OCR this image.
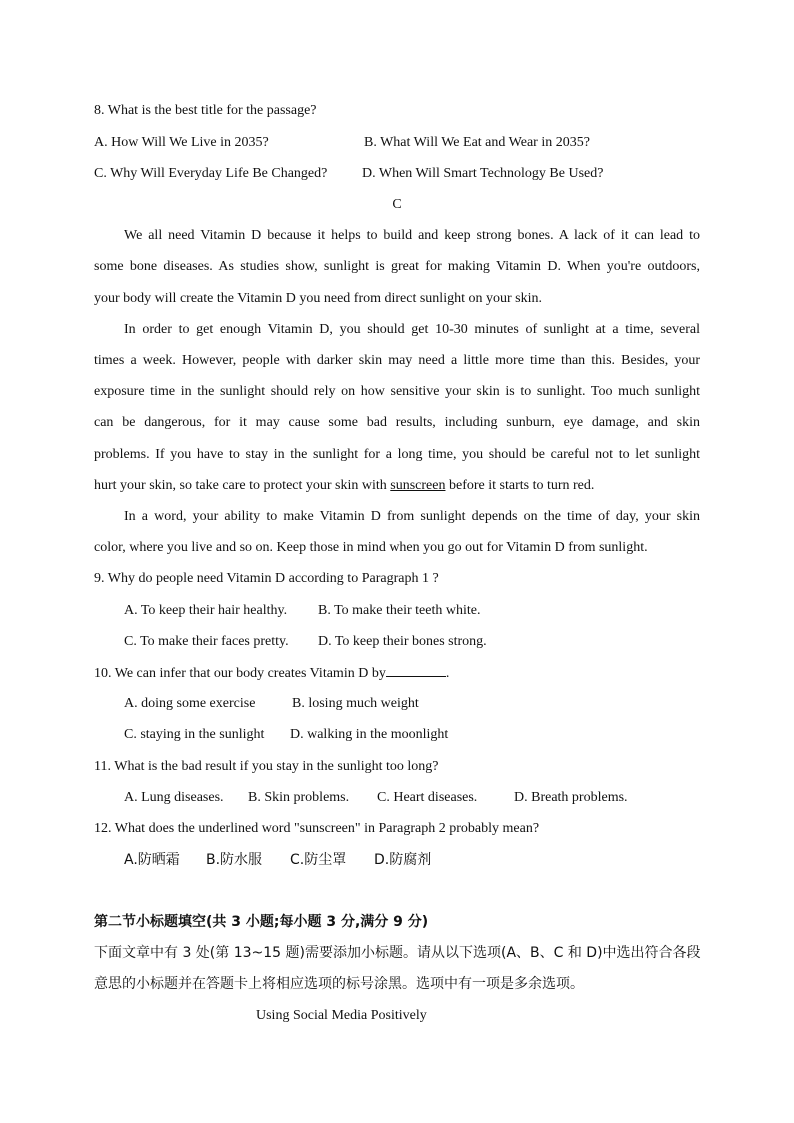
8. What is the best title for the passage?
A. How Will We Live in 2035?	B. What Will We Eat and Wear in 2035?
C. Why Will Everyday Life Be Changed? D. When Will Smart Technology Be Used?
C
We all need Vitamin D because it helps to build and keep strong bones. A lack of it can lead to
some bone diseases. As studies show, sunlight is great for making Vitamin D. When you're outdoors,
your body will create the Vitamin D you need from direct sunlight on your skin.
In order to get enough Vitamin D, you should get 10-30 minutes of sunlight at a time, several
times a week. However, people with darker skin may need a little more time than this. Besides, your
exposure time in the sunlight should rely on how sensitive your skin is to sunlight. Too much sunlight
can be dangerous, for it may cause some bad results, including sunburn, eye damage, and skin
problems. If you have to stay in the sunlight for a long time, you should be careful not to let sunlight
hurt your skin, so take care to protect your skin with sunscreen before it starts to turn red.
In a word, your ability to make Vitamin D from sunlight depends on the time of day, your skin
color, where you live and so on. Keep those in mind when you go out for Vitamin D from sunlight.
9. Why do people need Vitamin D according to Paragraph 1 ?
A. To keep their hair healthy. B. To make their teeth white.
C. To make their faces pretty. D. To keep their bones strong.
10. We can infer that our body creates Vitamin D by	.
A. doing some exercise	B. losing much weight
C. staying in the sunlight D. walking in the moonlight
11. What is the bad result if you stay in the sunlight too long?
A. Lung diseases. B. Skin problems. C. Heart diseases.	D. Breath problems.
12. What does the underlined word "sunscreen" in Paragraph 2 probably mean?
A.防晒霜 B.防水服 C.防尘罩 D.防腐剂
第二节小标题填空(共 3 小题;每小题 3 分,满分 9 分)
下面文章中有 3 处(第 13~15 题)需要添加小标题。请从以下选项(A、B、C 和 D)中选出符合各段
意思的小标题并在答题卡上将相应选项的标号涂黑。选项中有一项是多余选项。
Using Social Media Positively
